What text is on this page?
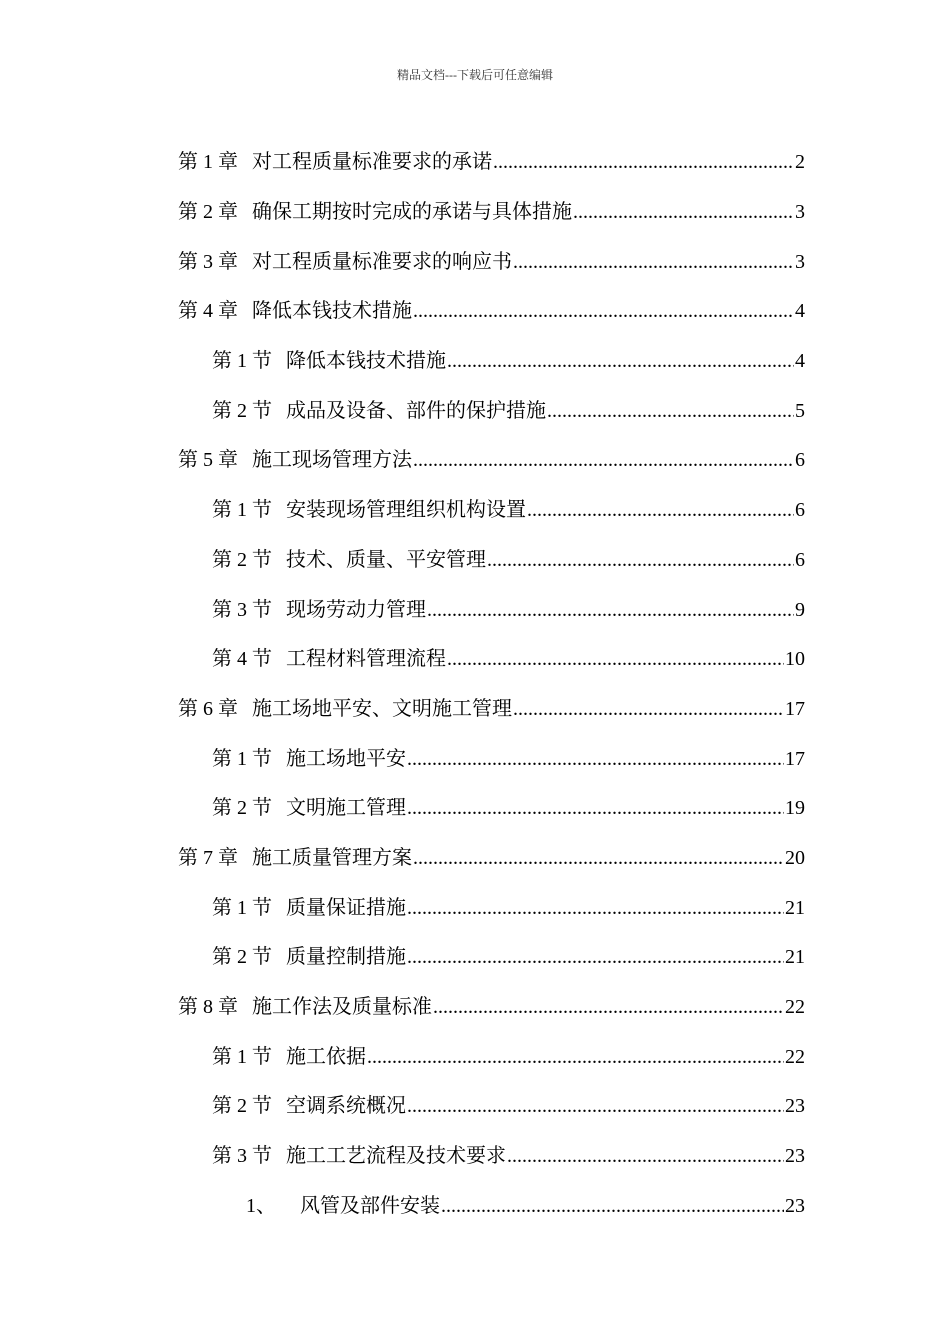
精品文档---下载后可任意编辑
第 1 章 对工程质量标准要求的承诺 .....	2
第 2 章 确保工期按时完成的承诺与具体措施 .....	3
第 3 章 对工程质量标准要求的响应书 .....	3
第 4 章 降低本钱技术措施 .....	4
第 1 节 降低本钱技术措施 .....	4
第 2 节 成品及设备、部件的保护措施 .....	5
第 5 章 施工现场管理方法 .....	6
第 1 节 安装现场管理组织机构设置 .....	6
第 2 节 技术、质量、平安管理 .....	6
第 3 节 现场劳动力管理 .....	9
第 4 节 工程材料管理流程 .....	10
第 6 章 施工场地平安、文明施工管理 .....	17
第 1 节 施工场地平安 .....	17
第 2 节 文明施工管理 .....	19
第 7 章 施工质量管理方案 .....	20
第 1 节 质量保证措施 .....	21
第 2 节 质量控制措施 .....	21
第 8 章 施工作法及质量标准 .....	22
第 1 节 施工依据 .....	22
第 2 节 空调系统概况 .....	23
第 3 节 施工工艺流程及技术要求 .....	23
1、 风管及部件安装 .....	23
